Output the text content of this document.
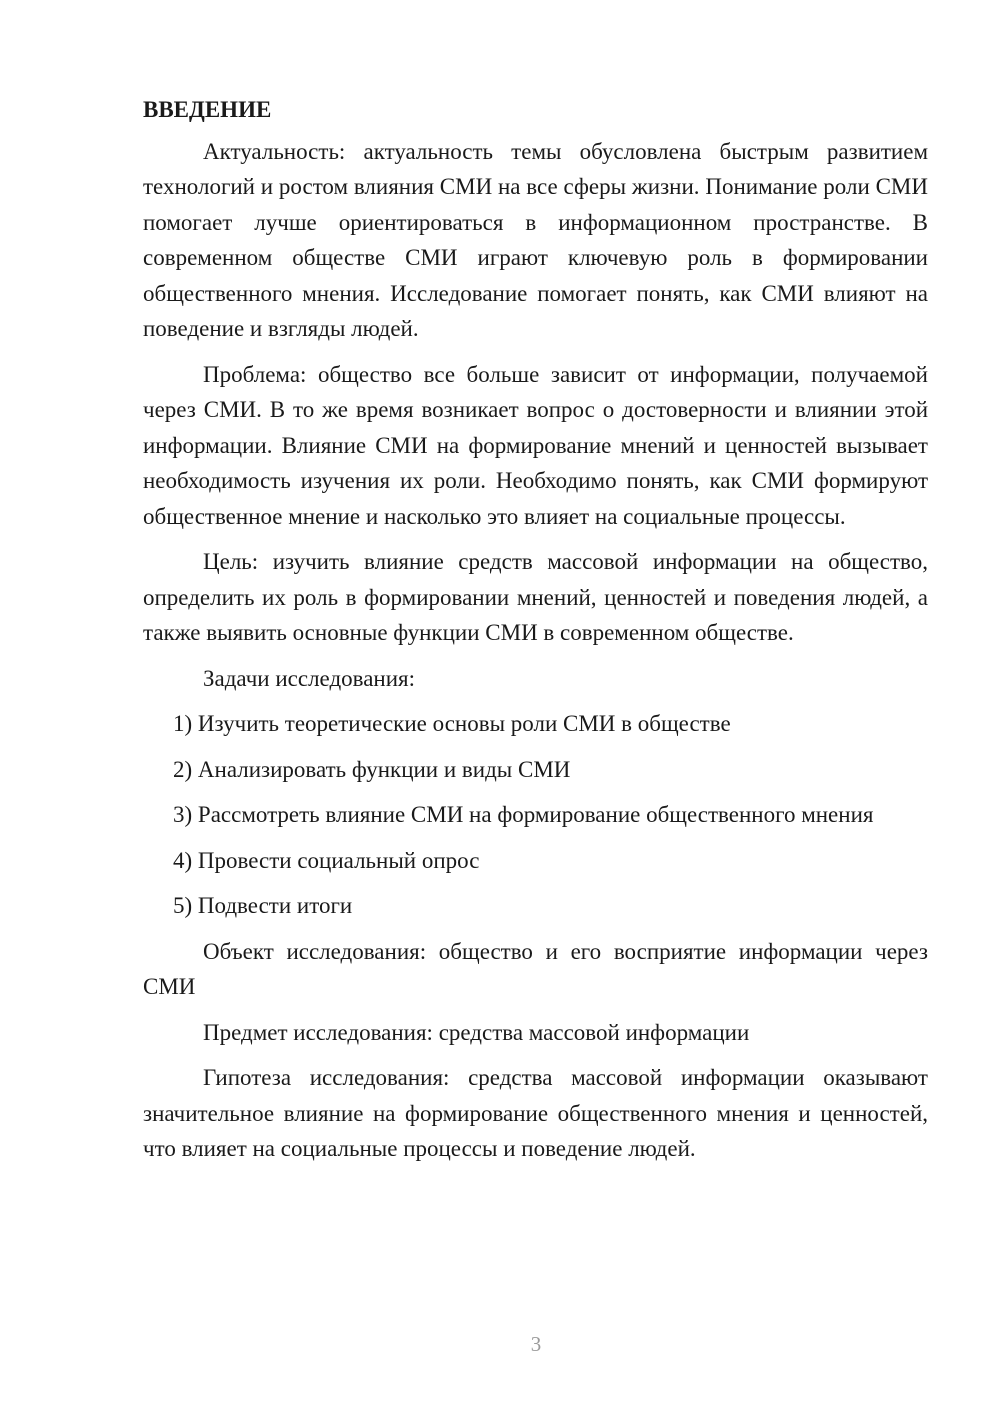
ВВЕДЕНИЕ

Актуальность: актуальность темы обусловлена быстрым развитием технологий и ростом влияния СМИ на все сферы жизни. Понимание роли СМИ помогает лучше ориентироваться в информационном пространстве. В современном обществе СМИ играют ключевую роль в формировании общественного мнения. Исследование помогает понять, как СМИ влияют на поведение и взгляды людей.

Проблема: общество все больше зависит от информации, получаемой через СМИ. В то же время возникает вопрос о достоверности и влиянии этой информации. Влияние СМИ на формирование мнений и ценностей вызывает необходимость изучения их роли. Необходимо понять, как СМИ формируют общественное мнение и насколько это влияет на социальные процессы.

Цель: изучить влияние средств массовой информации на общество, определить их роль в формировании мнений, ценностей и поведения людей, а также выявить основные функции СМИ в современном обществе.

Задачи исследования:

1) Изучить теоретические основы роли СМИ в обществе

2) Анализировать функции и виды СМИ

3) Рассмотреть влияние СМИ на формирование общественного мнения

4) Провести социальный опрос

5) Подвести итоги

Объект исследования: общество и его восприятие информации через СМИ

Предмет исследования: средства массовой информации

Гипотеза исследования: средства массовой информации оказывают значительное влияние на формирование общественного мнения и ценностей, что влияет на социальные процессы и поведение людей.

3
